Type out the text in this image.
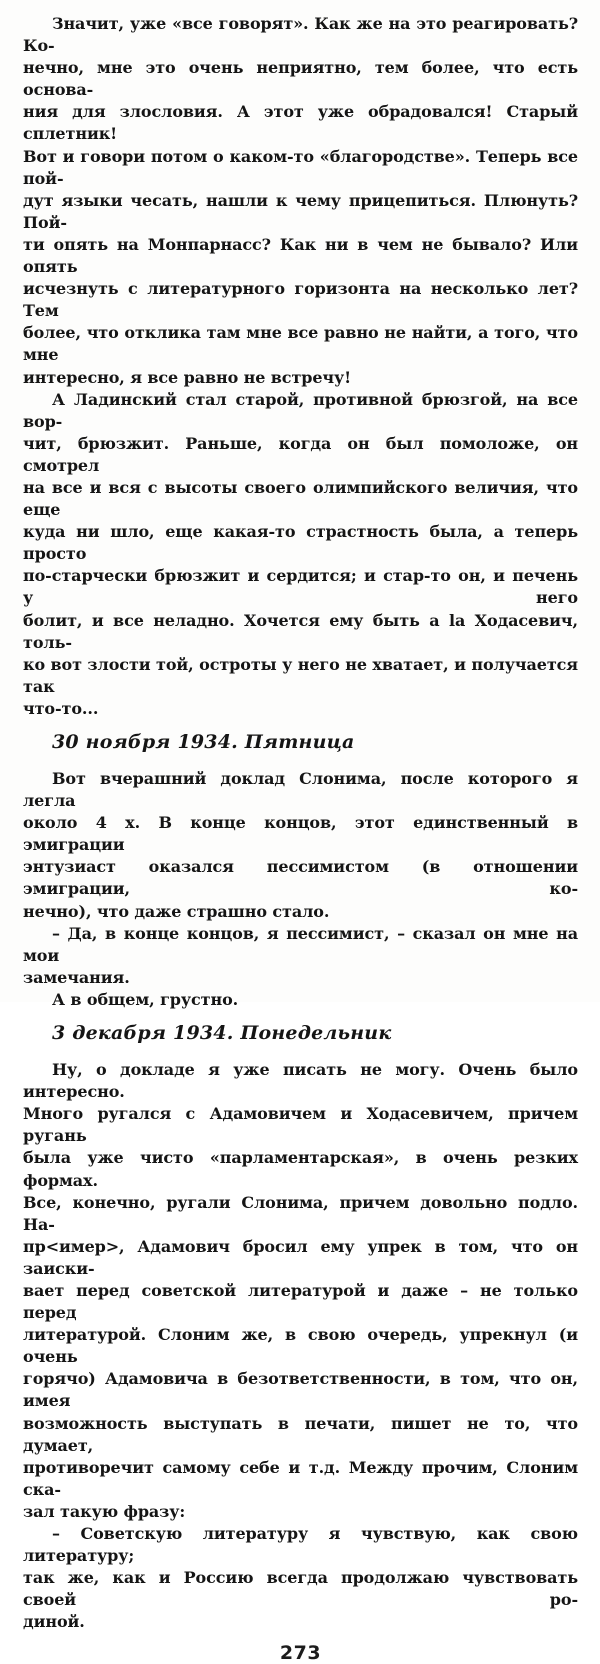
Значит, уже «все говорят». Как же на это реагировать? Ко-
нечно, мне это очень неприятно, тем более, что есть основа-
ния для злословия. А этот уже обрадовался! Старый сплетник!
Вот и говори потом о каком-то «благородстве». Теперь все пой-
дут языки чесать, нашли к чему прицепиться. Плюнуть? Пой-
ти опять на Монпарнасс? Как ни в чем не бывало? Или опять
исчезнуть с литературного горизонта на несколько лет? Тем
более, что отклика там мне все равно не найти, а того, что мне
интересно, я все равно не встречу!

А Ладинский стал старой, противной брюзгой, на все вор-
чит, брюзжит. Раньше, когда он был помоложе, он смотрел
на все и вся с высоты своего олимпийского величия, что еще
куда ни шло, еще какая-то страстность была, а теперь просто
по-старчески брюзжит и сердится; и стар-то он, и печень у него
болит, и все неладно. Хочется ему быть a la Ходасевич, толь-
ко вот злости той, остроты у него не хватает, и получается так
что-то...

30 ноября 1934. Пятница

Вот вчерашний доклад Слонима, после которого я легла
около 4 х. В конце концов, этот единственный в эмиграции
энтузиаст оказался пессимистом (в отношении эмиграции, ко-
нечно), что даже страшно стало.

– Да, в конце концов, я пессимист, – сказал он мне на мои
замечания.

А в общем, грустно.

3 декабря 1934. Понедельник

Ну, о докладе я уже писать не могу. Очень было интересно.
Много ругался с Адамовичем и Ходасевичем, причем ругань
была уже чисто «парламентарская», в очень резких формах.
Все, конечно, ругали Слонима, причем довольно подло. На-
пр<имер>, Адамович бросил ему упрек в том, что он заиски-
вает перед советской литературой и даже – не только перед
литературой. Слоним же, в свою очередь, упрекнул (и очень
горячо) Адамовича в безответственности, в том, что он, имея
возможность выступать в печати, пишет не то, что думает,
противоречит самому себе и т.д. Между прочим, Слоним ска-
зал такую фразу:

– Советскую литературу я чувствую, как свою литературу;
так же, как и Россию всегда продолжаю чувствовать своей ро-
диной.

273
